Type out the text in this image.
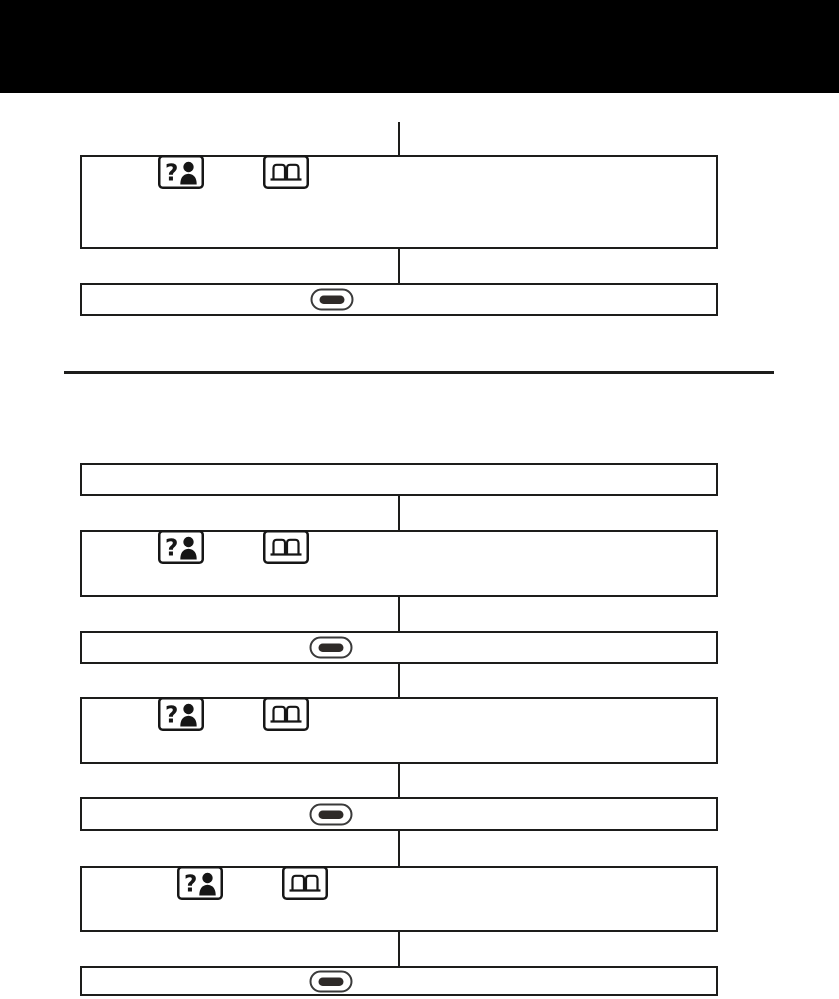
?
?
?
?
